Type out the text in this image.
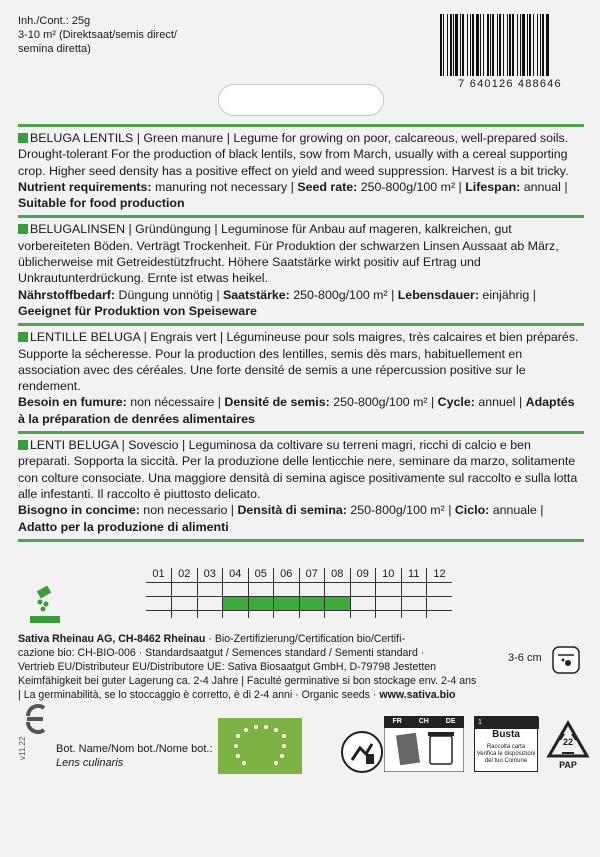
Inh./Cont.: 25g
3-10 m² (Direktsaat/semis direct/
semina diretta)
7 640126 488646
BELUGA LENTILS | Green manure | Legume for growing on poor, calcareous, well-prepared soils. Drought-tolerant For the production of black lentils, sow from March, usually with a cereal supporting crop. Higher seed density has a positive effect on yield and weed suppression. Harvest is a bit tricky.
Nutrient requirements: manuring not necessary | Seed rate: 250-800g/100 m² | Lifespan: annual |
Suitable for food production
BELUGALINSEN | Gründüngung | Leguminose für Anbau auf mageren, kalkreichen, gut vorbereiteten Böden. Verträgt Trockenheit. Für Produktion der schwarzen Linsen Aussaat ab März, üblicherweise mit Getreidestützfrucht. Höhere Saatstärke wirkt positiv auf Ertrag und Unkrautunterdrückung. Ernte ist etwas heikel.
Nährstoffbedarf: Düngung unnötig | Saatstärke: 250-800g/100 m² | Lebensdauer: einjährig | Geeignet für Produktion von Speiseware
LENTILLE BELUGA | Engrais vert | Légumineuse pour sols maigres, très calcaires et bien préparés. Supporte la sécheresse. Pour la production des lentilles, semis dès mars, habituellement en association avec des céréales. Une forte densité de semis a une répercussion positive sur le rendement.
Besoin en fumure: non nécessaire | Densité de semis: 250-800g/100 m² | Cycle: annuel | Adaptés à la préparation de denrées alimentaires
LENTI BELUGA | Sovescio | Leguminosa da coltivare su terreni magri, ricchi di calcio e ben preparati. Sopporta la siccità. Per la produzione delle lenticchie nere, seminare da marzo, solitamente con colture consociate. Una maggiore densità di semina agisce positivamente sul raccolto e sulla lotta alle infestanti. Il raccolto è piuttosto delicato.
Bisogno in concime: non necessario | Densità di semina: 250-800g/100 m² | Ciclo: annuale | Adatto per la produzione di alimenti
01	02	03	04	05	06	07	08	09	10	11	12

Sativa Rheinau AG, CH-8462 Rheinau · Bio-Zertifizierung/Certification bio/Certifi-
cazione bio: CH-BIO-006 · Standardsaatgut / Semences standard / Sementi standard ·
Vertrieb EU/Distributeur EU/Distributore UE: Sativa Biosaatgut GmbH, D-79798 Jestetten
Keimfähigkeit bei guter Lagerung ca. 2-4 Jahre | Faculté germinative si bon stockage env. 2-4 ans
| La germinabilità, se lo stoccaggio è corretto, è di 2-4 anni · Organic seeds · www.sativa.bio
3-6 cm
v11.22	Bot. Name/Nom bot./Nome bot.:
Lens culinaris
FR CH DE	1
Busta
Raccolta carta
Verifica le disposizioni
del tuo Comune
22
PAP
